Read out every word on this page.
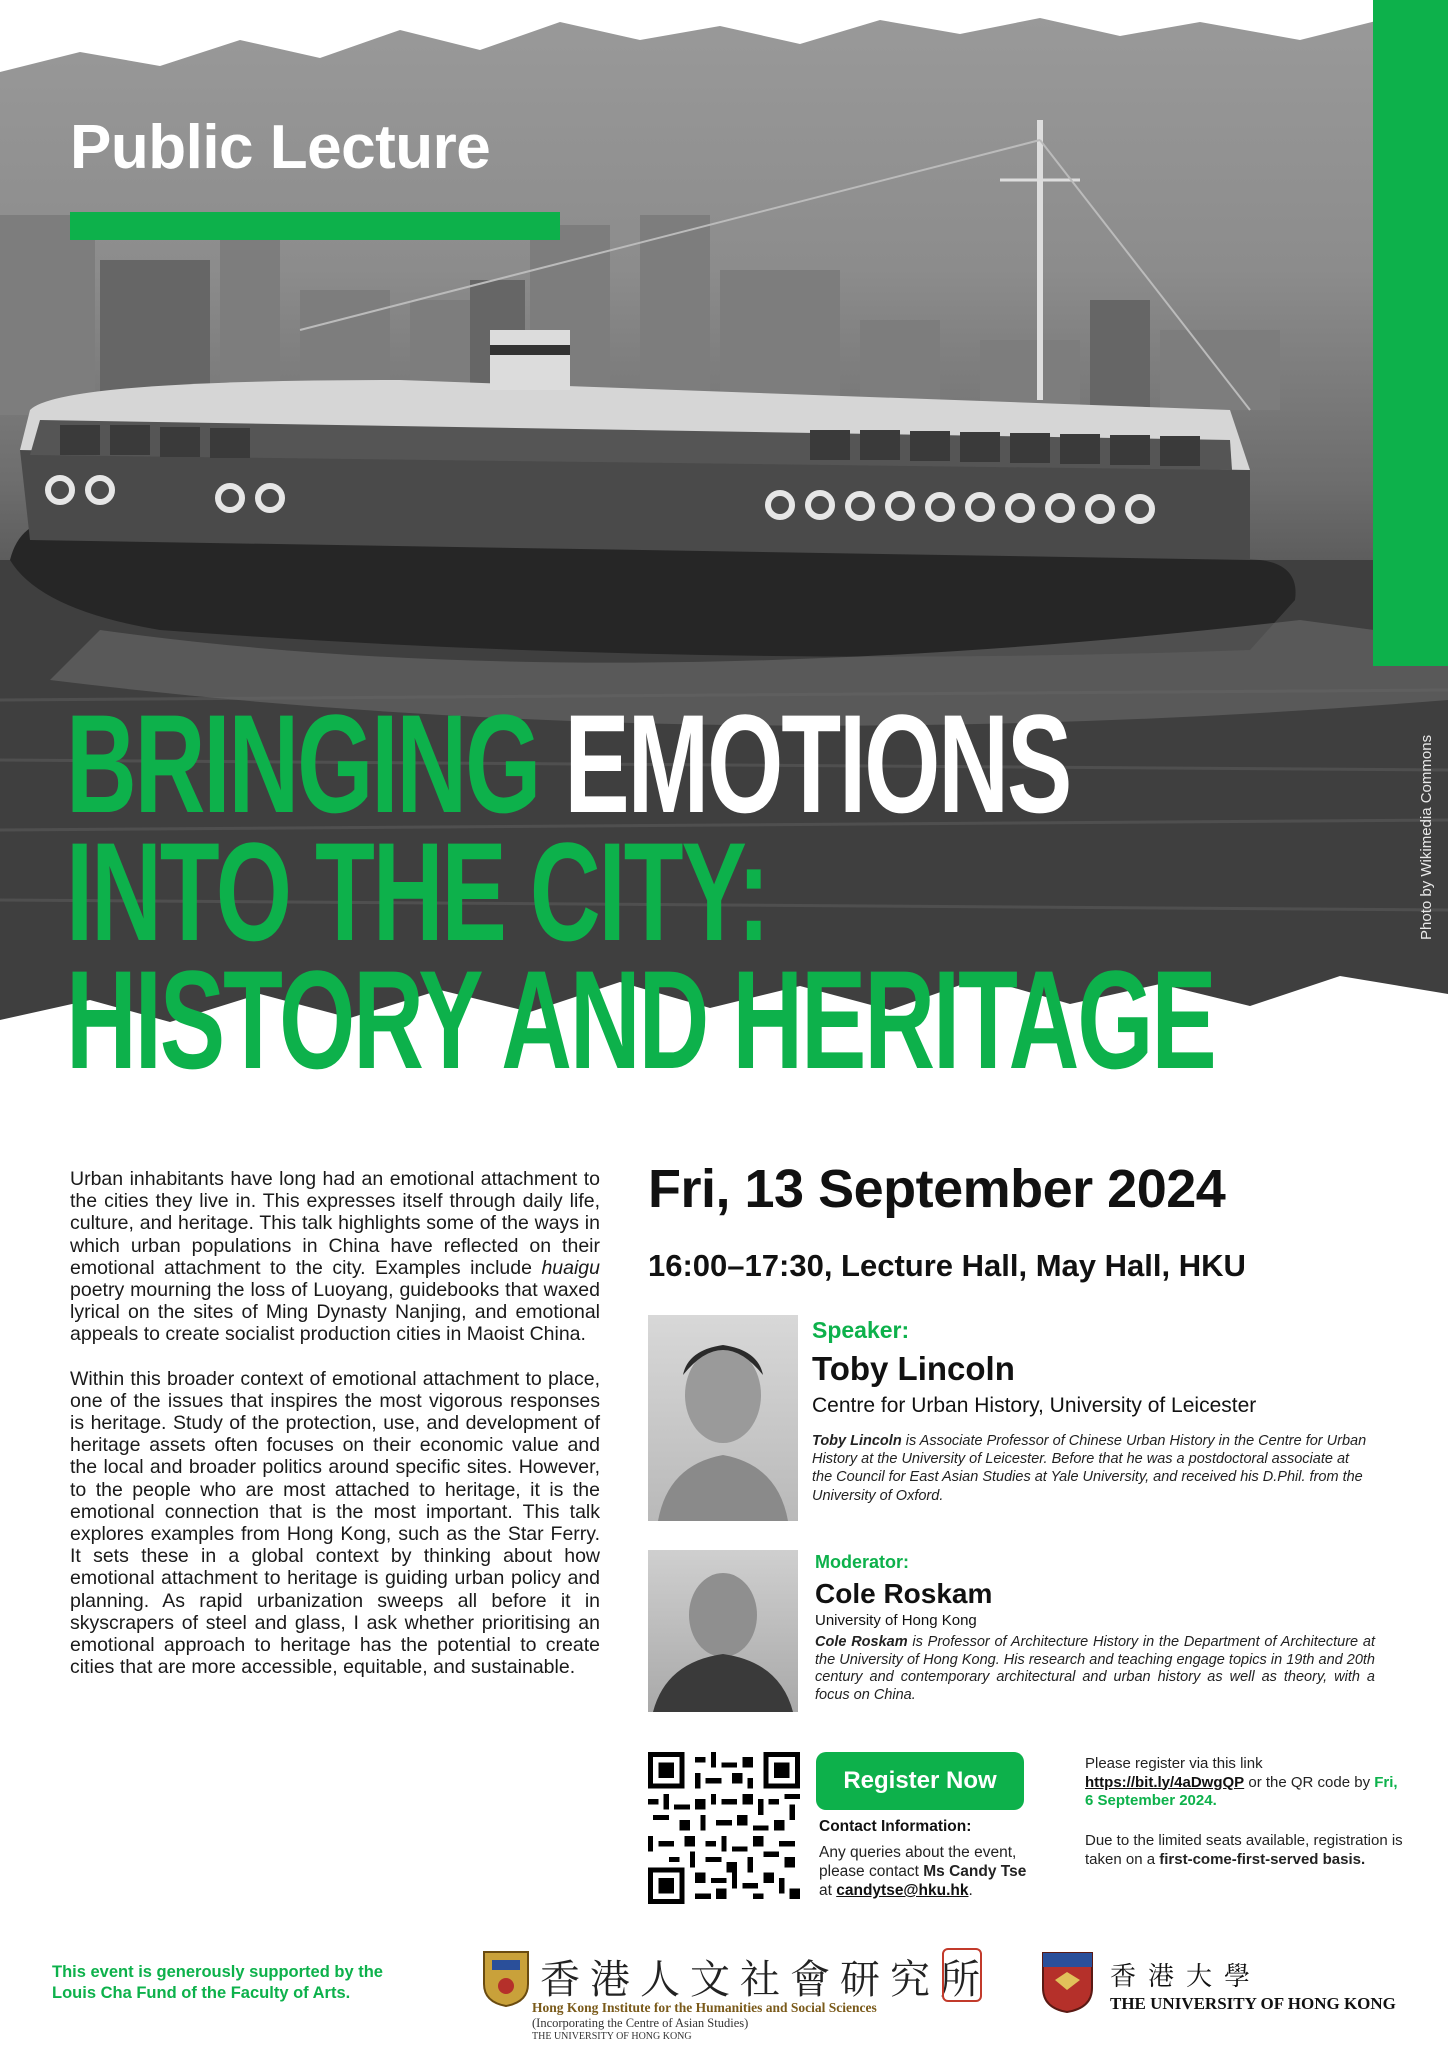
Photo by Wikimedia Commons
Public Lecture
BRINGING EMOTIONS
INTO THE CITY:
HISTORY AND HERITAGE

Urban inhabitants have long had an emotional attachment to the cities they live in. This expresses itself through daily life, culture, and heritage. This talk highlights some of the ways in which urban populations in China have reflected on their emotional attachment to the city. Examples include huaigu poetry mourning the loss of Luoyang, guidebooks that waxed lyrical on the sites of Ming Dynasty Nanjing, and emotional appeals to create socialist production cities in Maoist China.

Within this broader context of emotional attachment to place, one of the issues that inspires the most vigorous responses is heritage. Study of the protection, use, and development of heritage assets often focuses on their economic value and the local and broader politics around specific sites. However, to the people who are most attached to heritage, it is the emotional connection that is the most important. This talk explores examples from Hong Kong, such as the Star Ferry. It sets these in a global context by thinking about how emotional attachment to heritage is guiding urban policy and planning. As rapid urbanization sweeps all before it in skyscrapers of steel and glass, I ask whether prioritising an emotional approach to heritage has the potential to create cities that are more accessible, equitable, and sustainable.

Fri, 13 September 2024
16:00–17:30, Lecture Hall, May Hall, HKU
Speaker:
Toby Lincoln
Centre for Urban History, University of Leicester
Toby Lincoln is Associate Professor of Chinese Urban History in the Centre for Urban History at the University of Leicester. Before that he was a postdoctoral associate at the Council for East Asian Studies at Yale University, and received his D.Phil. from the University of Oxford.
Moderator:
Cole Roskam
University of Hong Kong
Cole Roskam is Professor of Architecture History in the Department of Architecture at the University of Hong Kong. His research and teaching engage topics in 19th and 20th century and contemporary architectural and urban history as well as theory, with a focus on China.
Register Now
Contact Information:
Any queries about the event, please contact Ms Candy Tse at candytse@hku.hk.
Please register via this link https://bit.ly/4aDwgQP or the QR code by Fri, 6 September 2024.
Due to the limited seats available, registration is taken on a first-come-first-served basis.
This event is generously supported by the Louis Cha Fund of the Faculty of Arts.	香港人文社會研究所
Hong Kong Institute for the Humanities and Social Sciences
(Incorporating the Centre of Asian Studies)
THE UNIVERSITY OF HONG KONG
香港大學
THE UNIVERSITY OF HONG KONG
